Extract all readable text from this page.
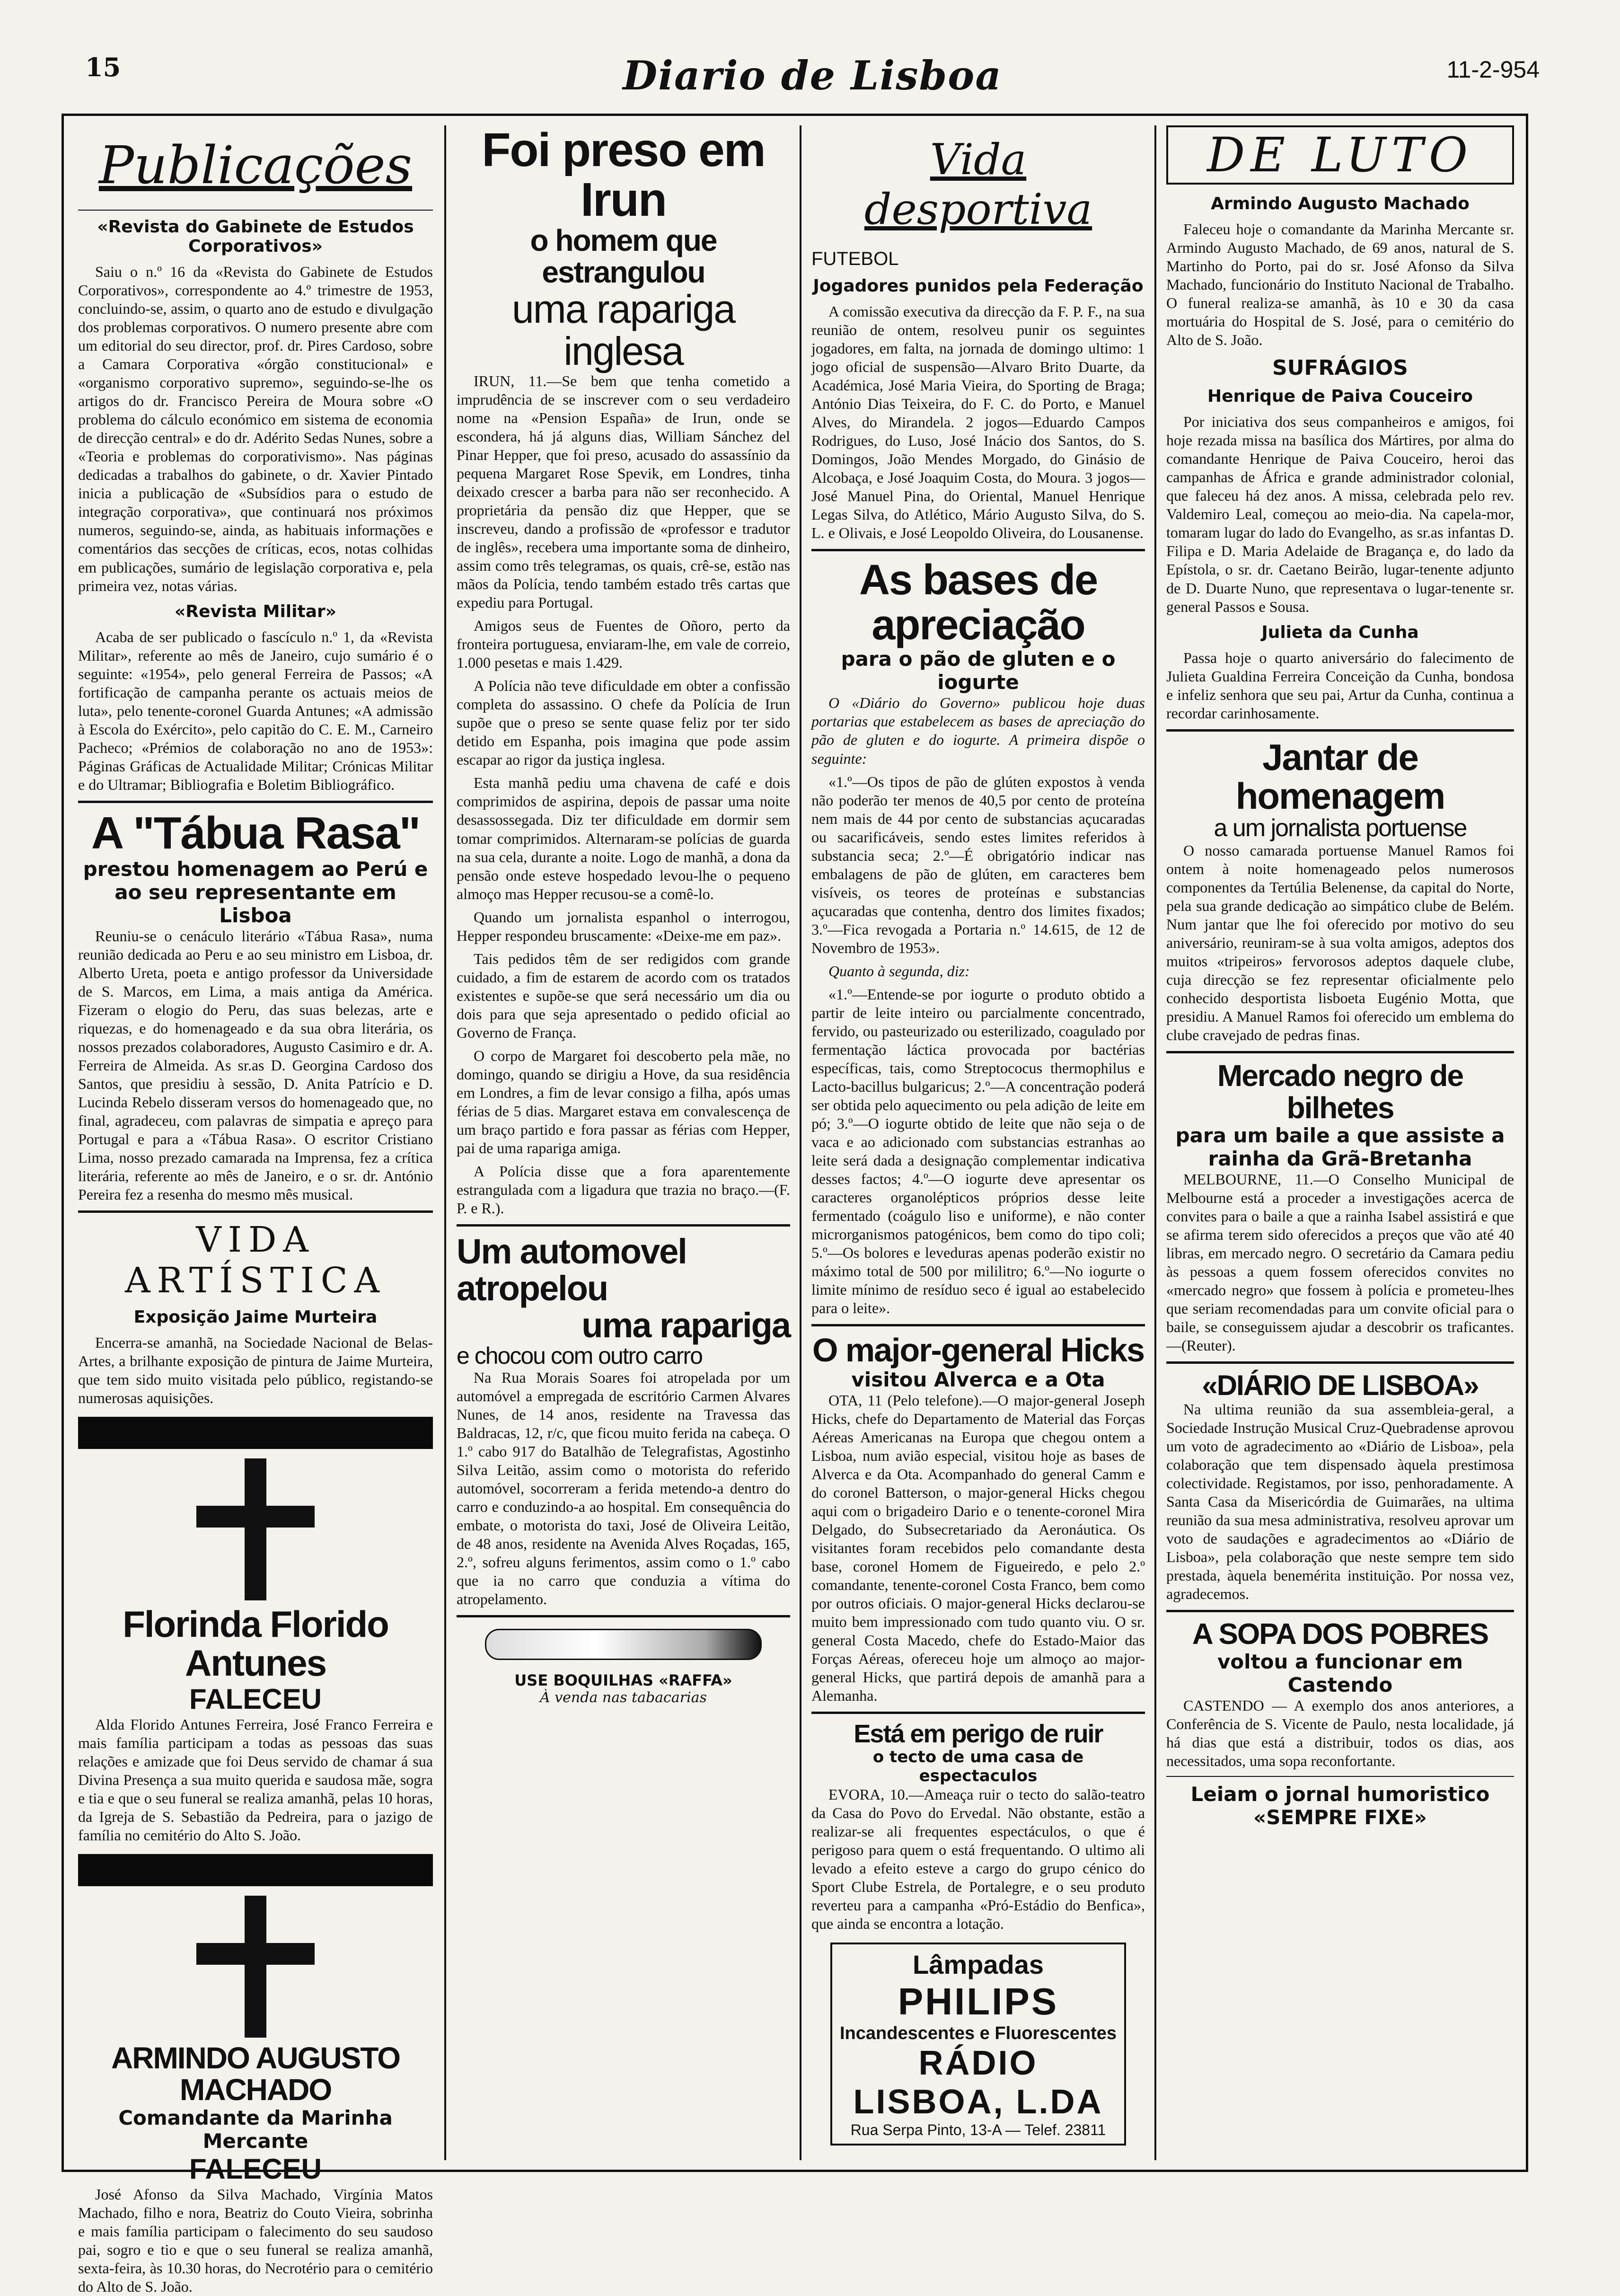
15	Diario de Lisboa	11-2-954
Publicações
«Revista do Gabinete de Estudos Corporativos»

Saiu o n.º 16 da «Revista do Gabinete de Estudos Corporativos», correspondente ao 4.º trimestre de 1953, concluindo-se, assim, o quarto ano de estudo e divulgação dos problemas corporativos. O numero presente abre com um editorial do seu director, prof. dr. Pires Cardoso, sobre a Camara Corporativa «órgão constitucional» e «organismo corporativo supremo», seguindo-se-lhe os artigos do dr. Francisco Pereira de Moura sobre «O problema do cálculo económico em sistema de economia de direcção central» e do dr. Adérito Sedas Nunes, sobre a «Teoria e problemas do corporativismo». Nas páginas dedicadas a trabalhos do gabinete, o dr. Xavier Pintado inicia a publicação de «Subsídios para o estudo de integração corporativa», que continuará nos próximos numeros, seguindo-se, ainda, as habituais informações e comentários das secções de críticas, ecos, notas colhidas em publicações, sumário de legislação corporativa e, pela primeira vez, notas várias.

«Revista Militar»

Acaba de ser publicado o fascículo n.º 1, da «Revista Militar», referente ao mês de Janeiro, cujo sumário é o seguinte: «1954», pelo general Ferreira de Passos; «A fortificação de campanha perante os actuais meios de luta», pelo tenente-coronel Guarda Antunes; «A admissão à Escola do Exército», pelo capitão do C. E. M., Carneiro Pacheco; «Prémios de colaboração no ano de 1953»: Páginas Gráficas de Actualidade Militar; Crónicas Militar e do Ultramar; Bibliografia e Boletim Bibliográfico.

A "Tábua Rasa"
prestou homenagem ao Perú e ao seu representante em Lisboa

Reuniu-se o cenáculo literário «Tábua Rasa», numa reunião dedicada ao Peru e ao seu ministro em Lisboa, dr. Alberto Ureta, poeta e antigo professor da Universidade de S. Marcos, em Lima, a mais antiga da América. Fizeram o elogio do Peru, das suas belezas, arte e riquezas, e do homenageado e da sua obra literária, os nossos prezados colaboradores, Augusto Casimiro e dr. A. Ferreira de Almeida. As sr.as D. Georgina Cardoso dos Santos, que presidiu à sessão, D. Anita Patrício e D. Lucinda Rebelo disseram versos do homenageado que, no final, agradeceu, com palavras de simpatia e apreço para Portugal e para a «Tábua Rasa». O escritor Cristiano Lima, nosso prezado camarada na Imprensa, fez a crítica literária, referente ao mês de Janeiro, e o sr. dr. António Pereira fez a resenha do mesmo mês musical.

VIDA ARTÍSTICA
Exposição Jaime Murteira

Encerra-se amanhã, na Sociedade Nacional de Belas-Artes, a brilhante exposição de pintura de Jaime Murteira, que tem sido muito visitada pelo público, registando-se numerosas aquisições.

Florinda Florido Antunes
FALECEU

Alda Florido Antunes Ferreira, José Franco Ferreira e mais família participam a todas as pessoas das suas relações e amizade que foi Deus servido de chamar á sua Divina Presença a sua muito querida e saudosa mãe, sogra e tia e que o seu funeral se realiza amanhã, pelas 10 horas, da Igreja de S. Sebastião da Pedreira, para o jazigo de família no cemitério do Alto S. João.

ARMINDO AUGUSTO MACHADO
Comandante da Marinha Mercante
FALECEU

José Afonso da Silva Machado, Virgínia Matos Machado, filho e nora, Beatriz do Couto Vieira, sobrinha e mais família participam o falecimento do seu saudoso pai, sogro e tio e que o seu funeral se realiza amanhã, sexta-feira, às 10.30 horas, do Necrotério para o cemitério do Alto de S. João.

Foi preso em Irun
o homem que estrangulou
uma rapariga inglesa

IRUN, 11.—Se bem que tenha cometido a imprudência de se inscrever com o seu verdadeiro nome na «Pension España» de Irun, onde se escondera, há já alguns dias, William Sánchez del Pinar Hepper, que foi preso, acusado do assassínio da pequena Margaret Rose Spevik, em Londres, tinha deixado crescer a barba para não ser reconhecido. A proprietária da pensão diz que Hepper, que se inscreveu, dando a profissão de «professor e tradutor de inglês», recebera uma importante soma de dinheiro, assim como três telegramas, os quais, crê-se, estão nas mãos da Polícia, tendo também estado três cartas que expediu para Portugal.

Amigos seus de Fuentes de Oñoro, perto da fronteira portuguesa, enviaram-lhe, em vale de correio, 1.000 pesetas e mais 1.429.

A Polícia não teve dificuldade em obter a confissão completa do assassino. O chefe da Polícia de Irun supõe que o preso se sente quase feliz por ter sido detido em Espanha, pois imagina que pode assim escapar ao rigor da justiça inglesa.

Esta manhã pediu uma chavena de café e dois comprimidos de aspirina, depois de passar uma noite desassossegada. Diz ter dificuldade em dormir sem tomar comprimidos. Alternaram-se polícias de guarda na sua cela, durante a noite. Logo de manhã, a dona da pensão onde esteve hospedado levou-lhe o pequeno almoço mas Hepper recusou-se a comê-lo.

Quando um jornalista espanhol o interrogou, Hepper respondeu bruscamente: «Deixe-me em paz».

Tais pedidos têm de ser redigidos com grande cuidado, a fim de estarem de acordo com os tratados existentes e supõe-se que será necessário um dia ou dois para que seja apresentado o pedido oficial ao Governo de França.

O corpo de Margaret foi descoberto pela mãe, no domingo, quando se dirigiu a Hove, da sua residência em Londres, a fim de levar consigo a filha, após umas férias de 5 dias. Margaret estava em convalescença de um braço partido e fora passar as férias com Hepper, pai de uma rapariga amiga.

A Polícia disse que a fora aparentemente estrangulada com a ligadura que trazia no braço.—(F. P. e R.).

Um automovel atropelou
uma rapariga
e chocou com outro carro

Na Rua Morais Soares foi atropelada por um automóvel a empregada de escritório Carmen Alvares Nunes, de 14 anos, residente na Travessa das Baldracas, 12, r/c, que ficou muito ferida na cabeça. O 1.º cabo 917 do Batalhão de Telegrafistas, Agostinho Silva Leitão, assim como o motorista do referido automóvel, socorreram a ferida metendo-a dentro do carro e conduzindo-a ao hospital. Em consequência do embate, o motorista do taxi, José de Oliveira Leitão, de 48 anos, residente na Avenida Alves Roçadas, 165, 2.º, sofreu alguns ferimentos, assim como o 1.º cabo que ia no carro que conduzia a vítima do atropelamento.

USE BOQUILHAS «RAFFA»
À venda nas tabacarias
Vida desportiva
FUTEBOL
Jogadores punidos pela Federação

A comissão executiva da direcção da F. P. F., na sua reunião de ontem, resolveu punir os seguintes jogadores, em falta, na jornada de domingo ultimo: 1 jogo oficial de suspensão—Alvaro Brito Duarte, da Académica, José Maria Vieira, do Sporting de Braga; António Dias Teixeira, do F. C. do Porto, e Manuel Alves, do Mirandela. 2 jogos—Eduardo Campos Rodrigues, do Luso, José Inácio dos Santos, do S. Domingos, João Mendes Morgado, do Ginásio de Alcobaça, e José Joaquim Costa, do Moura. 3 jogos—José Manuel Pina, do Oriental, Manuel Henrique Legas Silva, do Atlético, Mário Augusto Silva, do S. L. e Olivais, e José Leopoldo Oliveira, do Lousanense.

As bases de apreciação
para o pão de gluten e o iogurte

O «Diário do Governo» publicou hoje duas portarias que estabelecem as bases de apreciação do pão de gluten e do iogurte. A primeira dispõe o seguinte:

«1.º—Os tipos de pão de glúten expostos à venda não poderão ter menos de 40,5 por cento de proteína nem mais de 44 por cento de substancias açucaradas ou sacarificáveis, sendo estes limites referidos à substancia seca; 2.º—É obrigatório indicar nas embalagens de pão de glúten, em caracteres bem visíveis, os teores de proteínas e substancias açucaradas que contenha, dentro dos limites fixados; 3.º—Fica revogada a Portaria n.º 14.615, de 12 de Novembro de 1953».

Quanto à segunda, diz:

«1.º—Entende-se por iogurte o produto obtido a partir de leite inteiro ou parcialmente concentrado, fervido, ou pasteurizado ou esterilizado, coagulado por fermentação láctica provocada por bactérias específicas, tais, como Streptococus thermophilus e Lacto-bacillus bulgaricus; 2.º—A concentração poderá ser obtida pelo aquecimento ou pela adição de leite em pó; 3.º—O iogurte obtido de leite que não seja o de vaca e ao adicionado com substancias estranhas ao leite será dada a designação complementar indicativa desses factos; 4.º—O iogurte deve apresentar os caracteres organolépticos próprios desse leite fermentado (coágulo liso e uniforme), e não conter microrganismos patogénicos, bem como do tipo coli; 5.º—Os bolores e leveduras apenas poderão existir no máximo total de 500 por mililitro; 6.º—No iogurte o limite mínimo de resíduo seco é igual ao estabelecido para o leite».

O major-general Hicks
visitou Alverca e a Ota

OTA, 11 (Pelo telefone).—O major-general Joseph Hicks, chefe do Departamento de Material das Forças Aéreas Americanas na Europa que chegou ontem a Lisboa, num avião especial, visitou hoje as bases de Alverca e da Ota. Acompanhado do general Camm e do coronel Batterson, o major-general Hicks chegou aqui com o brigadeiro Dario e o tenente-coronel Mira Delgado, do Subsecretariado da Aeronáutica. Os visitantes foram recebidos pelo comandante desta base, coronel Homem de Figueiredo, e pelo 2.º comandante, tenente-coronel Costa Franco, bem como por outros oficiais. O major-general Hicks declarou-se muito bem impressionado com tudo quanto viu. O sr. general Costa Macedo, chefe do Estado-Maior das Forças Aéreas, ofereceu hoje um almoço ao major-general Hicks, que partirá depois de amanhã para a Alemanha.

Está em perigo de ruir
o tecto de uma casa de espectaculos

EVORA, 10.—Ameaça ruir o tecto do salão-teatro da Casa do Povo do Ervedal. Não obstante, estão a realizar-se ali frequentes espectáculos, o que é perigoso para quem o está frequentando. O ultimo ali levado a efeito esteve a cargo do grupo cénico do Sport Clube Estrela, de Portalegre, e o seu produto reverteu para a campanha «Pró-Estádio do Benfica», que ainda se encontra a lotação.

Lâmpadas PHILIPS
Incandescentes e Fluorescentes
RÁDIO LISBOA, L.DA
Rua Serpa Pinto, 13-A — Telef. 23811
DE LUTO
Armindo Augusto Machado

Faleceu hoje o comandante da Marinha Mercante sr. Armindo Augusto Machado, de 69 anos, natural de S. Martinho do Porto, pai do sr. José Afonso da Silva Machado, funcionário do Instituto Nacional de Trabalho. O funeral realiza-se amanhã, às 10 e 30 da casa mortuária do Hospital de S. José, para o cemitério do Alto de S. João.

SUFRÁGIOS
Henrique de Paiva Couceiro

Por iniciativa dos seus companheiros e amigos, foi hoje rezada missa na basílica dos Mártires, por alma do comandante Henrique de Paiva Couceiro, heroi das campanhas de África e grande administrador colonial, que faleceu há dez anos. A missa, celebrada pelo rev. Valdemiro Leal, começou ao meio-dia. Na capela-mor, tomaram lugar do lado do Evangelho, as sr.as infantas D. Filipa e D. Maria Adelaide de Bragança e, do lado da Epístola, o sr. dr. Caetano Beirão, lugar-tenente adjunto de D. Duarte Nuno, que representava o lugar-tenente sr. general Passos e Sousa.

Julieta da Cunha

Passa hoje o quarto aniversário do falecimento de Julieta Gualdina Ferreira Conceição da Cunha, bondosa e infeliz senhora que seu pai, Artur da Cunha, continua a recordar carinhosamente.

Jantar de homenagem
a um jornalista portuense

O nosso camarada portuense Manuel Ramos foi ontem à noite homenageado pelos numerosos componentes da Tertúlia Belenense, da capital do Norte, pela sua grande dedicação ao simpático clube de Belém. Num jantar que lhe foi oferecido por motivo do seu aniversário, reuniram-se à sua volta amigos, adeptos dos muitos «tripeiros» fervorosos adeptos daquele clube, cuja direcção se fez representar oficialmente pelo conhecido desportista lisboeta Eugénio Motta, que presidiu. A Manuel Ramos foi oferecido um emblema do clube cravejado de pedras finas.

Mercado negro de bilhetes
para um baile a que assiste a rainha da Grã-Bretanha

MELBOURNE, 11.—O Conselho Municipal de Melbourne está a proceder a investigações acerca de convites para o baile a que a rainha Isabel assistirá e que se afirma terem sido oferecidos a preços que vão até 40 libras, em mercado negro. O secretário da Camara pediu às pessoas a quem fossem oferecidos convites no «mercado negro» que fossem à polícia e prometeu-lhes que seriam recomendadas para um convite oficial para o baile, se conseguissem ajudar a descobrir os traficantes.—(Reuter).

«DIÁRIO DE LISBOA»

Na ultima reunião da sua assembleia-geral, a Sociedade Instrução Musical Cruz-Quebradense aprovou um voto de agradecimento ao «Diário de Lisboa», pela colaboração que tem dispensado àquela prestimosa colectividade. Registamos, por isso, penhoradamente. A Santa Casa da Misericórdia de Guimarães, na ultima reunião da sua mesa administrativa, resolveu aprovar um voto de saudações e agradecimentos ao «Diário de Lisboa», pela colaboração que neste sempre tem sido prestada, àquela benemérita instituição. Por nossa vez, agradecemos.

A SOPA DOS POBRES
voltou a funcionar em Castendo

CASTENDO — A exemplo dos anos anteriores, a Conferência de S. Vicente de Paulo, nesta localidade, já há dias que está a distribuir, todos os dias, aos necessitados, uma sopa reconfortante.

Leiam o jornal humoristico
«SEMPRE FIXE»
